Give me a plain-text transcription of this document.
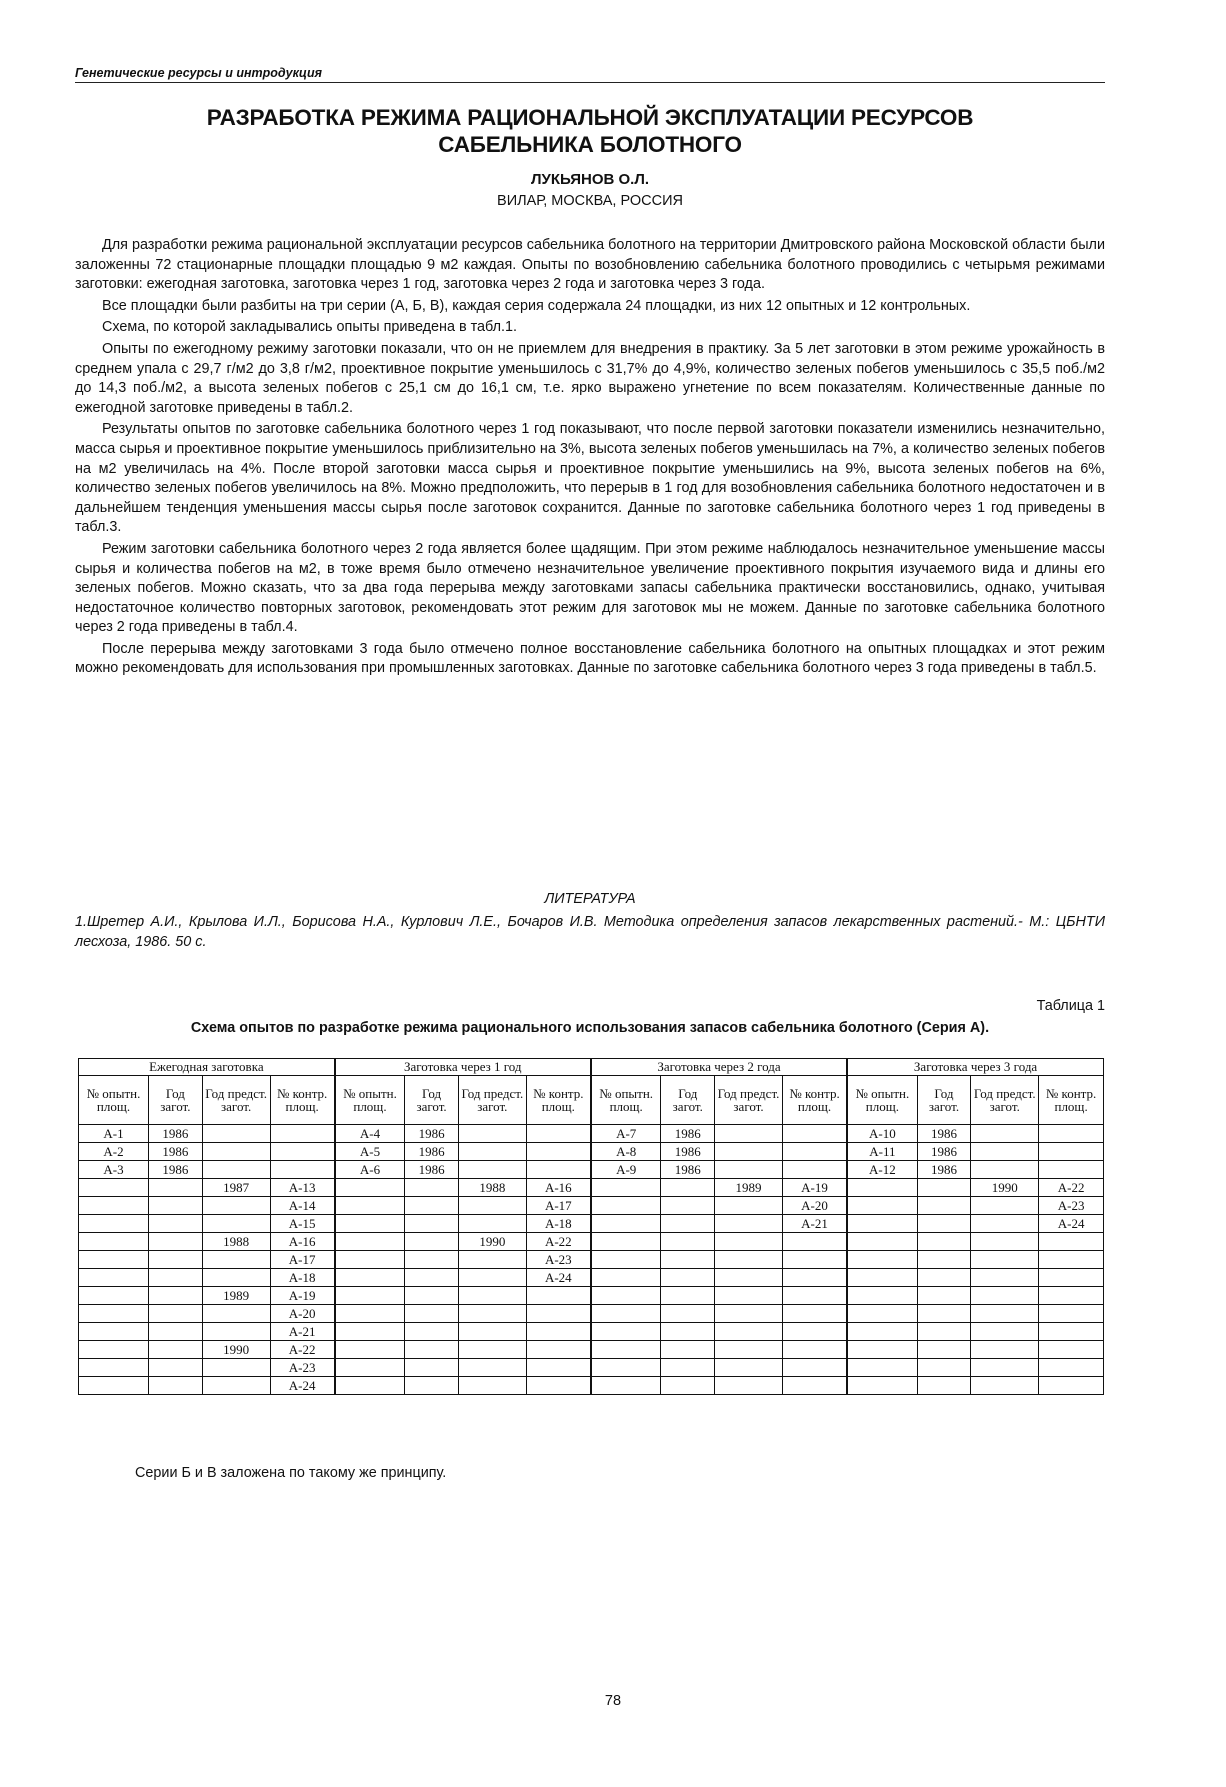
Генетические ресурсы и интродукция
РАЗРАБОТКА РЕЖИМА РАЦИОНАЛЬНОЙ ЭКСПЛУАТАЦИИ РЕСУРСОВ
САБЕЛЬНИКА БОЛОТНОГО
ЛУКЬЯНОВ О.Л.
ВИЛАР, МОСКВА, РОССИЯ

Для разработки режима рациональной эксплуатации ресурсов сабельника болотного на территории Дмитровского района Московской области были заложенны 72 стационарные площадки площадью 9 м2 каждая. Опыты по возобновлению сабельника болотного проводились с четырьмя режимами заготовки: ежегодная заготовка, заготовка через 1 год, заготовка через 2 года и заготовка через 3 года.

Все площадки были разбиты на три серии (А, Б, В), каждая серия содержала 24 площадки, из них 12 опытных и 12 контрольных.

Схема, по которой закладывались опыты приведена в табл.1.

Опыты по ежегодному режиму заготовки показали, что он не приемлем для внедрения в практику. За 5 лет заготовки в этом режиме урожайность в среднем упала с 29,7 г/м2 до 3,8 г/м2, проективное покрытие уменьшилось с 31,7% до 4,9%, количество зеленых побегов уменьшилось с 35,5 поб./м2 до 14,3 поб./м2, а высота зеленых побегов с 25,1 см до 16,1 см, т.е. ярко выражено угнетение по всем показателям. Количественные данные по ежегодной заготовке приведены в табл.2.

Результаты опытов по заготовке сабельника болотного через 1 год показывают, что после первой заготовки показатели изменились незначительно, масса сырья и проективное покрытие уменьшилось приблизительно на 3%, высота зеленых побегов уменьшилась на 7%, а количество зеленых побегов на м2 увеличилась на 4%. После второй заготовки масса сырья и проективное покрытие уменьшились на 9%, высота зеленых побегов на 6%, количество зеленых побегов увеличилось на 8%. Можно предположить, что перерыв в 1 год для возобновления сабельника болотного недостаточен и в дальнейшем тенденция уменьшения массы сырья после заготовок сохранится. Данные по заготовке сабельника болотного через 1 год приведены в табл.3.

Режим заготовки сабельника болотного через 2 года является более щадящим. При этом режиме наблюдалось незначительное уменьшение массы сырья и количества побегов на м2, в тоже время было отмечено незначительное увеличение проективного покрытия изучаемого вида и длины его зеленых побегов. Можно сказать, что за два года перерыва между заготовками запасы сабельника практически восстановились, однако, учитывая недостаточное количество повторных заготовок, рекомендовать этот режим для заготовок мы не можем. Данные по заготовке сабельника болотного через 2 года приведены в табл.4.

После перерыва между заготовками 3 года было отмечено полное восстановление сабельника болотного на опытных площадках и этот режим можно рекомендовать для использования при промышленных заготовках. Данные по заготовке сабельника болотного через 3 года приведены в табл.5.

ЛИТЕРАТУРА
1.Шретер А.И., Крылова И.Л., Борисова Н.А., Курлович Л.Е., Бочаров И.В. Методика определения запасов лекарственных растений.- М.: ЦБНТИ лесхоза, 1986. 50 с.
Таблица 1
Схема опытов по разработке режима рационального использования запасов сабельника болотного (Серия А).
Ежегодная заготовка				Заготовка через 1 год				Заготовка через 2 года				Заготовка через 3 года			
№ опытн. площ.	Год загот.	Год предст. загот.	№ контр. площ.	№ опытн. площ.	Год загот.	Год предст. загот.	№ контр. площ.	№ опытн. площ.	Год загот.	Год предст. загот.	№ контр. площ.	№ опытн. площ.	Год загот.	Год предст. загот.	№ контр. площ.
А-1	1986			А-4	1986			А-7	1986			А-10	1986		
А-2	1986			А-5	1986			А-8	1986			А-11	1986		
А-3	1986			А-6	1986			А-9	1986			А-12	1986		
		1987	А-13			1988	А-16			1989	А-19			1990	А-22
			А-14				А-17				А-20				А-23
			А-15				А-18				А-21				А-24
		1988	А-16			1990	А-22								
			А-17				А-23								
			А-18				А-24								
		1989	А-19												
			А-20												
			А-21												
		1990	А-22												
			А-23												
			А-24												
Серии Б и В заложена по такому же принципу.
78
